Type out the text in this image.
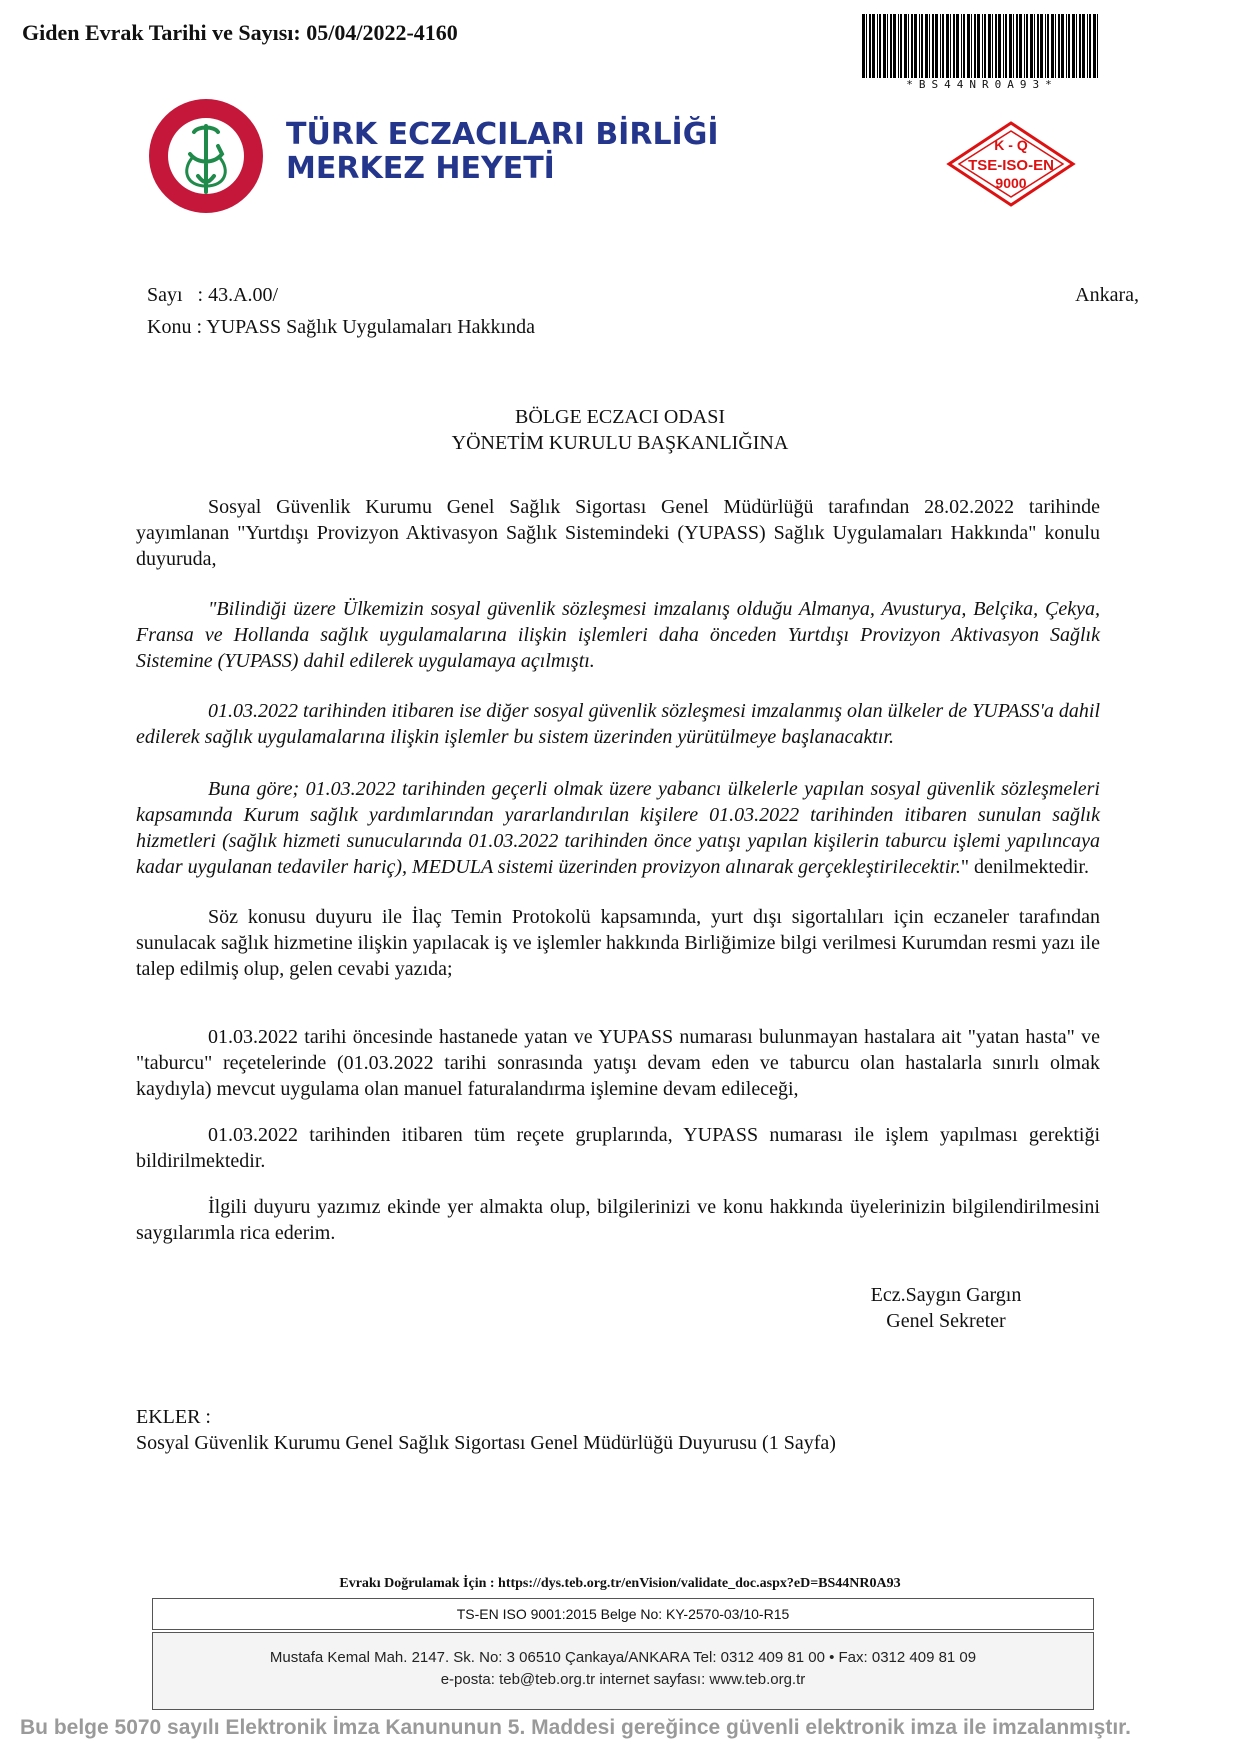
Giden Evrak Tarihi ve Sayısı: 05/04/2022-4160
*BS44NR0A93*
TÜRK ECZACILARI BİRLİĞİ
MERKEZ HEYETİ
K - Q
TSE-ISO-EN
9000
Sayı   : 43.A.00/
Konu : YUPASS Sağlık Uygulamaları Hakkında
Ankara,
BÖLGE ECZACI ODASI
YÖNETİM KURULU BAŞKANLIĞINA
Sosyal Güvenlik Kurumu Genel Sağlık Sigortası Genel Müdürlüğü tarafından 28.02.2022 tarihinde yayımlanan "Yurtdışı Provizyon Aktivasyon Sağlık Sistemindeki (YUPASS) Sağlık Uygulamaları Hakkında" konulu duyuruda,
"Bilindiği üzere Ülkemizin sosyal güvenlik sözleşmesi imzalanış olduğu Almanya, Avusturya, Belçika, Çekya, Fransa ve Hollanda sağlık uygulamalarına ilişkin işlemleri daha önceden Yurtdışı Provizyon Aktivasyon Sağlık Sistemine (YUPASS) dahil edilerek uygulamaya açılmıştı.
01.03.2022 tarihinden itibaren ise diğer sosyal güvenlik sözleşmesi imzalanmış olan ülkeler de YUPASS'a dahil edilerek sağlık uygulamalarına ilişkin işlemler bu sistem üzerinden yürütülmeye başlanacaktır.
Buna göre; 01.03.2022 tarihinden geçerli olmak üzere yabancı ülkelerle yapılan sosyal güvenlik sözleşmeleri kapsamında Kurum sağlık yardımlarından yararlandırılan kişilere 01.03.2022 tarihinden itibaren sunulan sağlık hizmetleri (sağlık hizmeti sunucularında 01.03.2022 tarihinden önce yatışı yapılan kişilerin taburcu işlemi yapılıncaya kadar uygulanan tedaviler hariç), MEDULA sistemi üzerinden provizyon alınarak gerçekleştirilecektir." denilmektedir.
Söz konusu duyuru ile İlaç Temin Protokolü kapsamında, yurt dışı sigortalıları için eczaneler tarafından sunulacak sağlık hizmetine ilişkin yapılacak iş ve işlemler hakkında Birliğimize bilgi verilmesi Kurumdan resmi yazı ile talep edilmiş olup, gelen cevabi yazıda;
01.03.2022 tarihi öncesinde hastanede yatan ve YUPASS numarası bulunmayan hastalara ait "yatan hasta" ve "taburcu" reçetelerinde (01.03.2022 tarihi sonrasında yatışı devam eden ve taburcu olan hastalarla sınırlı olmak kaydıyla) mevcut uygulama olan manuel faturalandırma işlemine devam edileceği,
01.03.2022 tarihinden itibaren tüm reçete gruplarında, YUPASS numarası ile işlem yapılması gerektiği bildirilmektedir.
İlgili duyuru yazımız ekinde yer almakta olup, bilgilerinizi ve konu hakkında üyelerinizin bilgilendirilmesini saygılarımla rica ederim.
Ecz.Saygın Gargın
Genel Sekreter
EKLER :
Sosyal Güvenlik Kurumu Genel Sağlık Sigortası Genel Müdürlüğü Duyurusu (1 Sayfa)
Evrakı Doğrulamak İçin : https://dys.teb.org.tr/enVision/validate_doc.aspx?eD=BS44NR0A93
TS-EN ISO 9001:2015 Belge No: KY-2570-03/10-R15
Mustafa Kemal Mah. 2147. Sk. No: 3 06510 Çankaya/ANKARA Tel: 0312 409 81 00 • Fax: 0312 409 81 09
e-posta: teb@teb.org.tr internet sayfası: www.teb.org.tr
Bu belge 5070 sayılı Elektronik İmza Kanununun 5. Maddesi gereğince güvenli elektronik imza ile imzalanmıştır.
